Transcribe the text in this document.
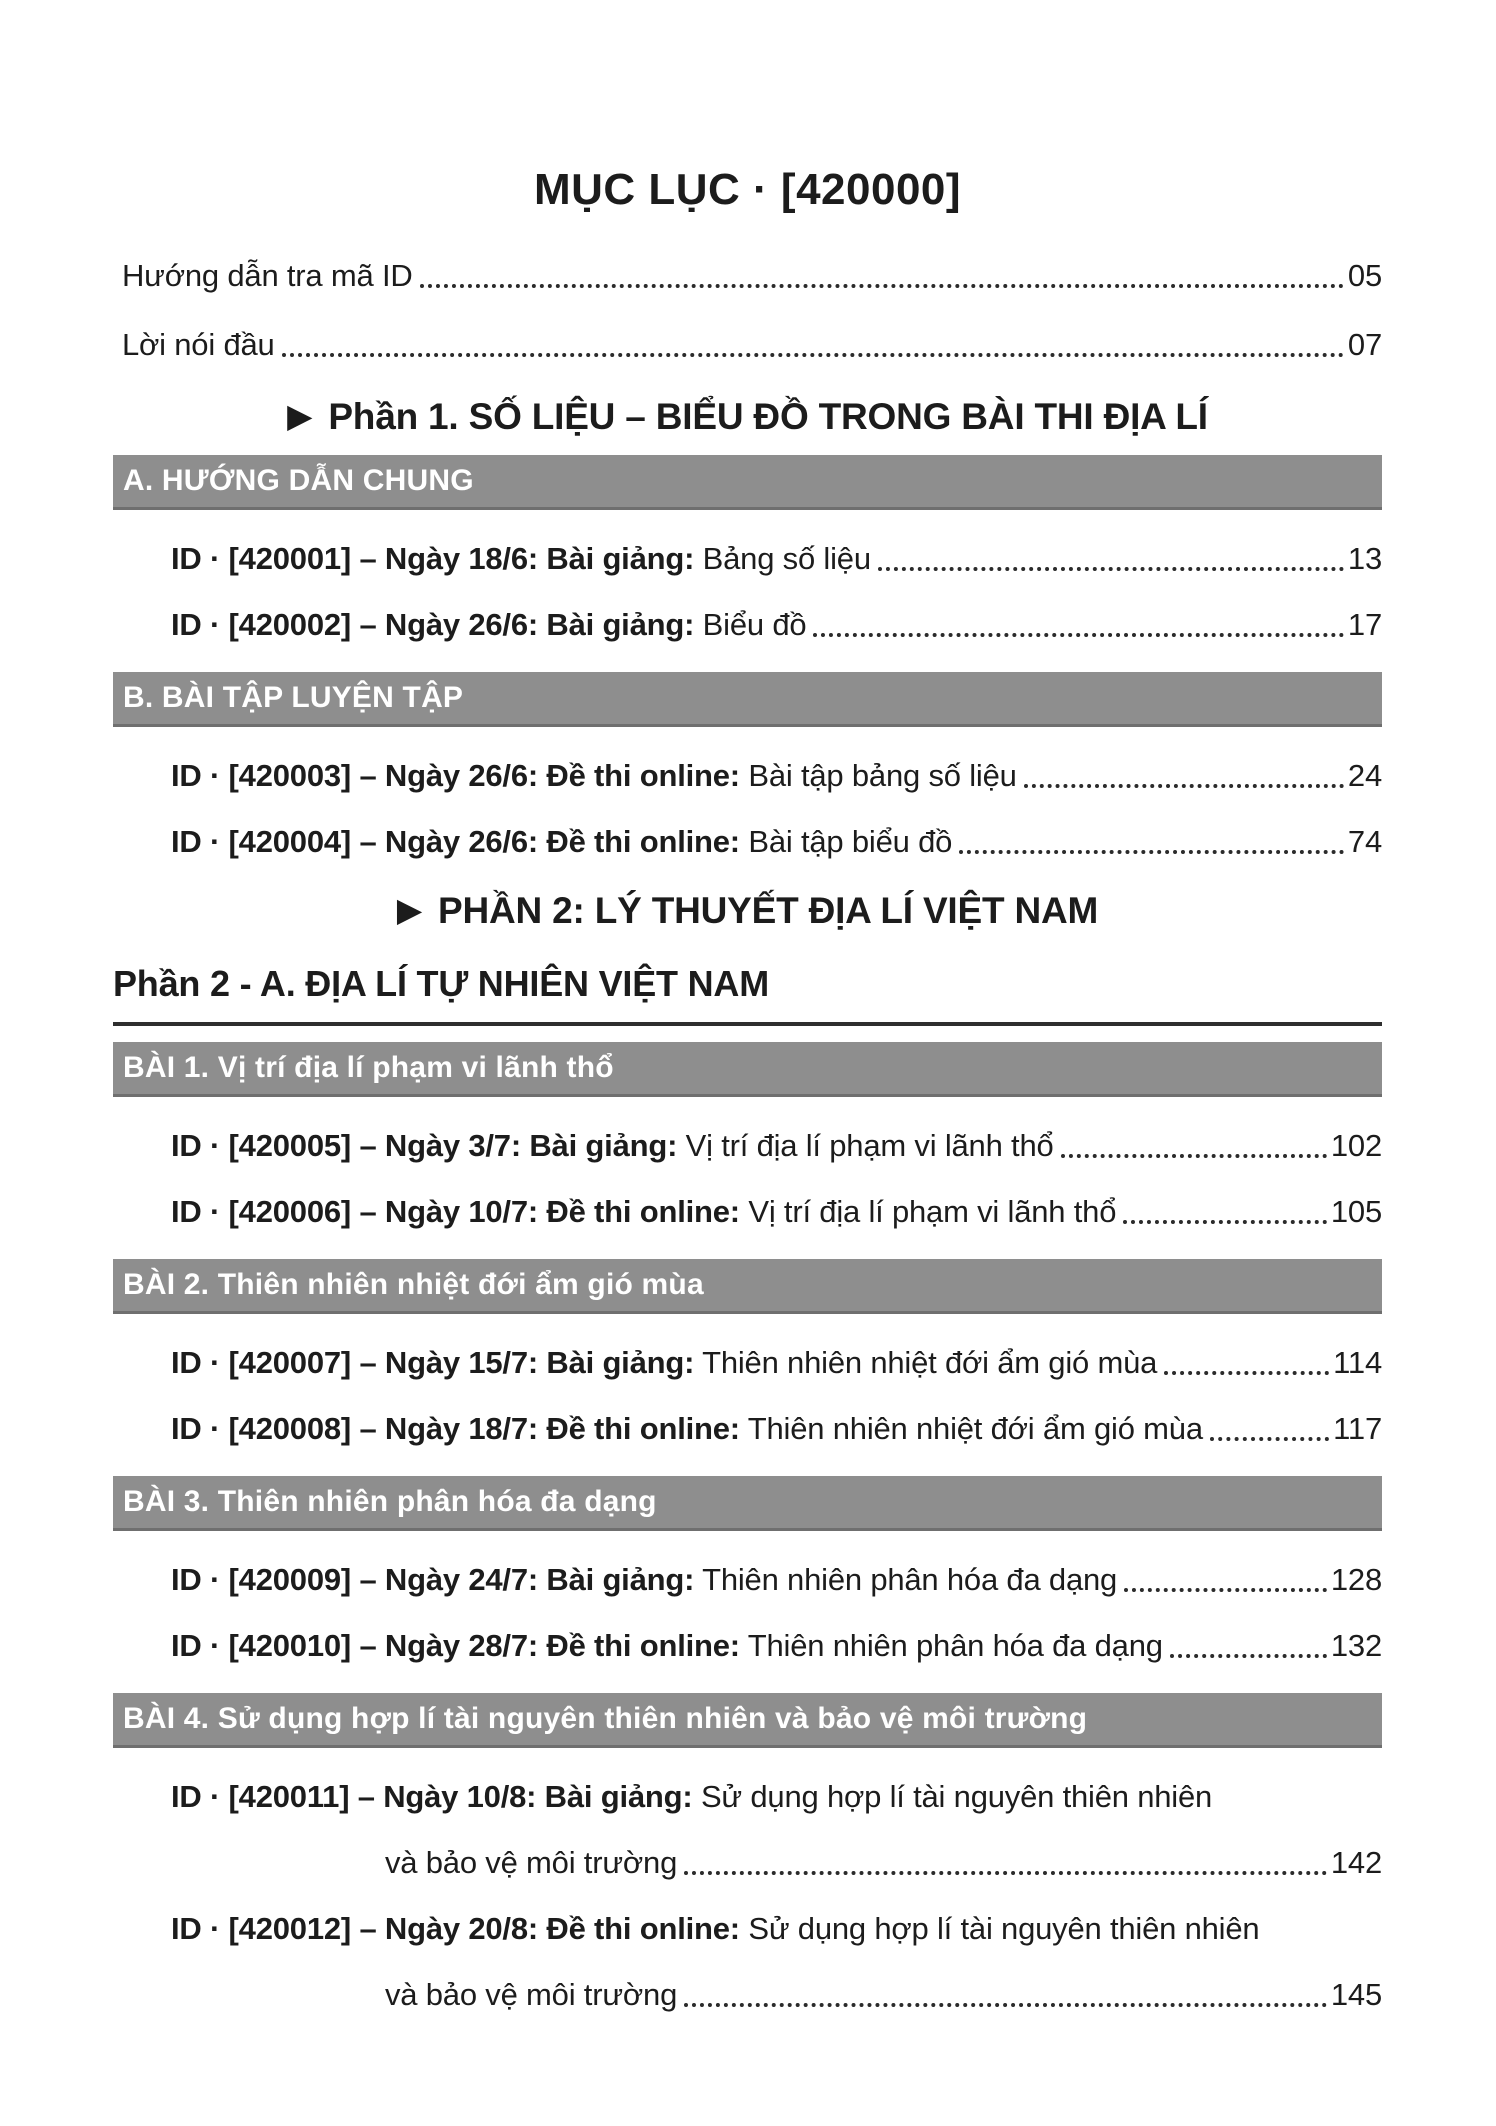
MỤC LỤC · [420000]
Hướng dẫn tra mã ID	05
Lời nói đầu	07
▶ Phần 1. SỐ LIỆU – BIỂU ĐỒ TRONG BÀI THI ĐỊA LÍ
A. HƯỚNG DẪN CHUNG
ID · [420001] – Ngày 18/6: Bài giảng: Bảng số liệu	13
ID · [420002] – Ngày 26/6: Bài giảng: Biểu đồ	17
B. BÀI TẬP LUYỆN TẬP
ID · [420003] – Ngày 26/6: Đề thi online: Bài tập bảng số liệu	24
ID · [420004] – Ngày 26/6: Đề thi online: Bài tập biểu đồ	74
▶ PHẦN 2: LÝ THUYẾT ĐỊA LÍ VIỆT NAM
Phần 2 - A. ĐỊA LÍ TỰ NHIÊN VIỆT NAM
BÀI 1. Vị trí địa lí phạm vi lãnh thổ
ID · [420005] – Ngày 3/7: Bài giảng: Vị trí địa lí phạm vi lãnh thổ	102
ID · [420006] – Ngày 10/7: Đề thi online: Vị trí địa lí phạm vi lãnh thổ	105
BÀI 2. Thiên nhiên nhiệt đới ẩm gió mùa
ID · [420007] – Ngày 15/7: Bài giảng: Thiên nhiên nhiệt đới ẩm gió mùa	114
ID · [420008] – Ngày 18/7: Đề thi online: Thiên nhiên nhiệt đới ẩm gió mùa	117
BÀI 3. Thiên nhiên phân hóa đa dạng
ID · [420009] – Ngày 24/7: Bài giảng: Thiên nhiên phân hóa đa dạng	128
ID · [420010] – Ngày 28/7: Đề thi online: Thiên nhiên phân hóa đa dạng	132
BÀI 4. Sử dụng hợp lí tài nguyên thiên nhiên và bảo vệ môi trường
ID · [420011] – Ngày 10/8: Bài giảng: Sử dụng hợp lí tài nguyên thiên nhiên
và bảo vệ môi trường	142
ID · [420012] – Ngày 20/8: Đề thi online: Sử dụng hợp lí tài nguyên thiên nhiên
và bảo vệ môi trường	145
